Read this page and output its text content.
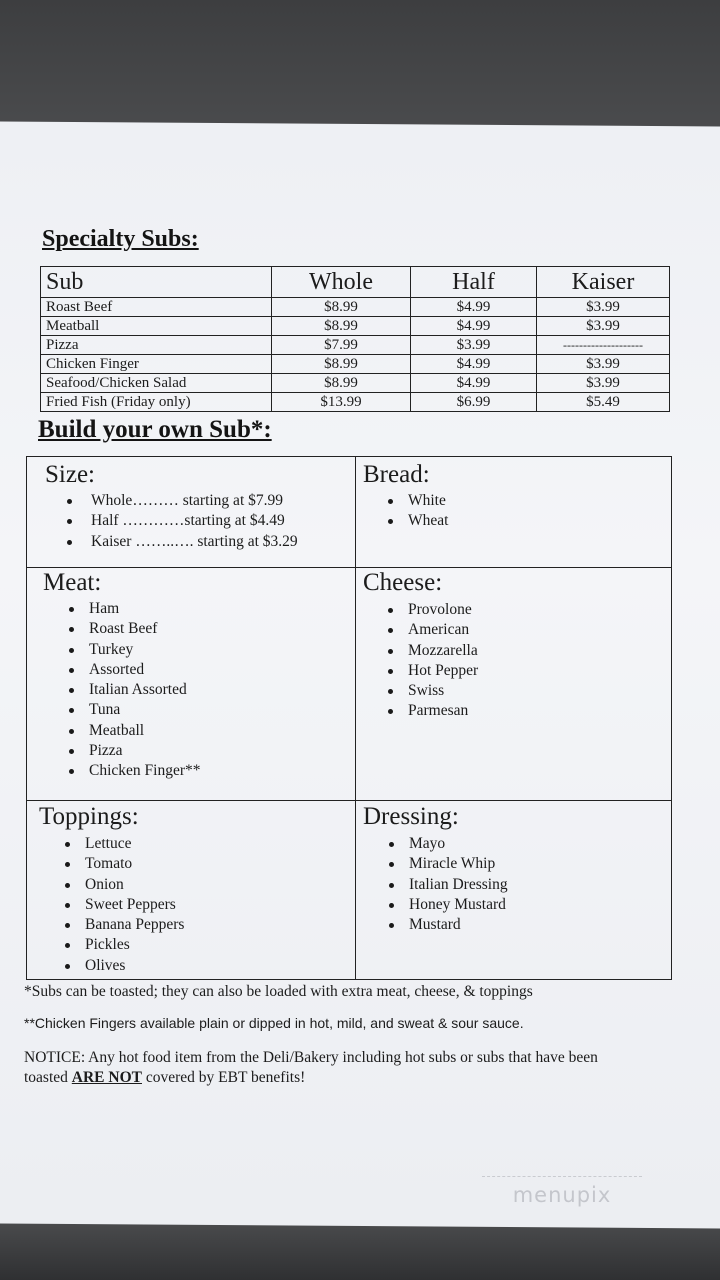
Specialty Subs:
Sub	Whole	Half	Kaiser
Roast Beef	$8.99	$4.99	$3.99
Meatball	$8.99	$4.99	$3.99
Pizza	$7.99	$3.99	--------------------
Chicken Finger	$8.99	$4.99	$3.99
Seafood/Chicken Salad	$8.99	$4.99	$3.99
Fried Fish (Friday only)	$13.99	$6.99	$5.49
Build your own Sub*:
Size:
Whole……… starting at $7.99
Half …………starting at $4.49
Kaiser ……..…. starting at $3.29
Bread:
White
Wheat
Meat:
Ham
Roast Beef
Turkey
Assorted
Italian Assorted
Tuna
Meatball
Pizza
Chicken Finger**
Cheese:
Provolone
American
Mozzarella
Hot Pepper
Swiss
Parmesan
Toppings:
Lettuce
Tomato
Onion
Sweet Peppers
Banana Peppers
Pickles
Olives
Dressing:
Mayo
Miracle Whip
Italian Dressing
Honey Mustard
Mustard
*Subs can be toasted; they can also be loaded with extra meat, cheese, & toppings
**Chicken Fingers available plain or dipped in hot, mild, and sweat & sour sauce.
NOTICE: Any hot food item from the Deli/Bakery including hot subs or subs that have been
toasted ARE NOT covered by EBT benefits!
menupix
